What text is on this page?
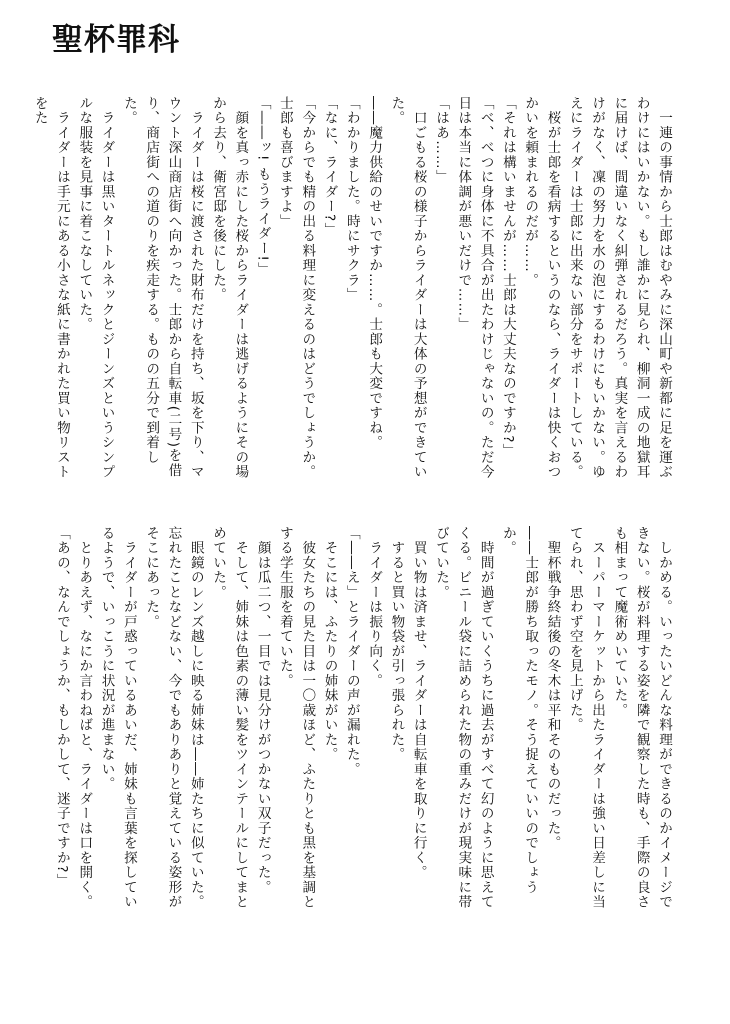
聖杯罪科
　一連の事情から士郎はむやみに深山町や新都に足を運ぶわけにはいかない。もし誰かに見られ、柳洞一成の地獄耳に届けば、間違いなく糾弾されるだろう。真実を言えるわけがなく、凜の努力を水の泡にするわけにもいかない。ゆえにライダーは士郎に出来ない部分をサポートしている。
　桜が士郎を看病するというのなら、ライダーは快くおつかいを頼まれるのだが……。
「それは構いませんが……士郎は大丈夫なのですか?」
「べ、べつに身体に不具合が出たわけじゃないの。ただ今日は本当に体調が悪いだけで……」
「はあ……」
　口ごもる桜の様子からライダーは大体の予想ができていた。
――魔力供給のせいですか……。士郎も大変ですね。
「わかりました。時にサクラ」
「なに、ライダー?」
「今からでも精の出る料理に変えるのはどうでしょうか。士郎も喜びますよ」
「――ッ! もうライダー!」
　顔を真っ赤にした桜からライダーは逃げるようにその場から去り、衛宮邸を後にした。
　ライダーは桜に渡された財布だけを持ち、坂を下り、マウント深山商店街へ向かった。士郎から自転車(二号)を借り、商店街への道のりを疾走する。ものの五分で到着した。
　ライダーは黒いタートルネックとジーンズというシンプルな服装を見事に着こなしていた。
　ライダーは手元にある小さな紙に書かれた買い物リストをた
　しかめる。いったいどんな料理ができるのかイメージできない。桜が料理する姿を隣で観察した時も、手際の良さも相まって魔術めいていた。
　スーパーマーケットから出たライダーは強い日差しに当てられ、思わず空を見上げた。
　聖杯戦争終結後の冬木は平和そのものだった。
――士郎が勝ち取ったモノ。そう捉えていいのでしょうか。
　時間が過ぎていくうちに過去がすべて幻のように思えてくる。ビニール袋に詰められた物の重みだけが現実味に帯びていた。
　買い物は済ませ、ライダーは自転車を取りに行く。
　すると買い物袋が引っ張られた。
　ライダーは振り向く。
「――え」とライダーの声が漏れた。
　そこには、ふたりの姉妹がいた。
　彼女たちの見た目は一〇歳ほど、ふたりとも黒を基調とする学生服を着ていた。
　顔は瓜二つ、一目では見分けがつかない双子だった。
　そして、姉妹は色素の薄い髪をツインテールにしてまとめていた。
　眼鏡のレンズ越しに映る姉妹は――姉たちに似ていた。忘れたことなどない、今でもありありと覚えている姿形がそこにあった。
　ライダーが戸惑っているあいだ、姉妹も言葉を探しているようで、いっこうに状況が進まない。
　とりあえず、なにか言わねばと、ライダーは口を開く。
「あの、なんでしょうか、もしかして、迷子ですか?」
